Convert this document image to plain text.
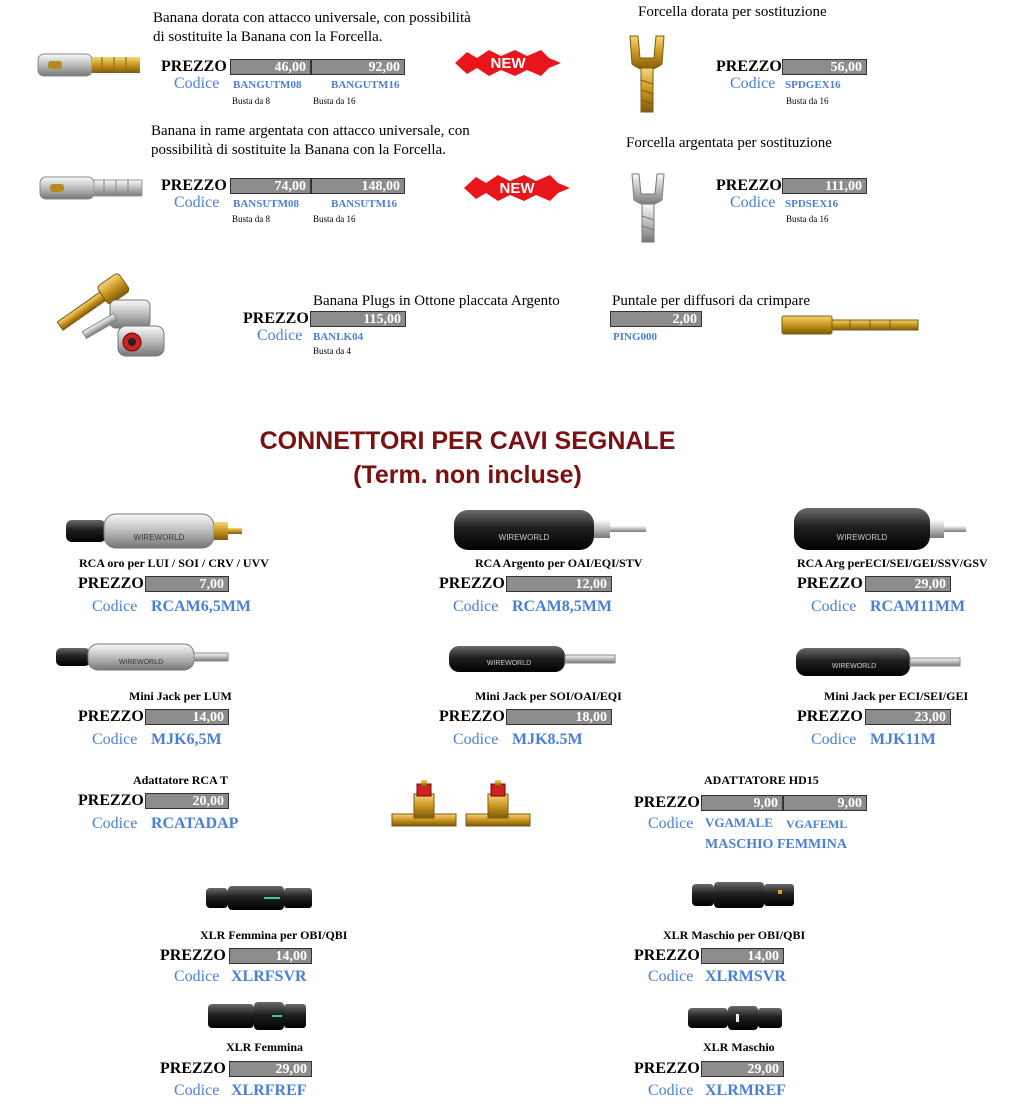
Banana dorata con attacco universale, con possibilità
di sostituite la Banana con la Forcella.
PREZZO	46,00	92,00
Codice BANGUTM08	BANGUTM16
Busta da 8	Busta da 16
NEW
Forcella dorata per sostituzione
PREZZO	56,00
Codice SPDGEX16
Busta da 16
Banana in rame argentata con attacco universale, con
possibilità di sostituite la Banana con la Forcella.
PREZZO	74,00	148,00
Codice BANSUTM08	BANSUTM16
Busta da 8	Busta da 16
NEW
Forcella argentata per sostituzione
PREZZO	111,00
Codice SPDSEX16
Busta da 16
Banana Plugs in Ottone placcata Argento
PREZZO	115,00
Codice BANLK04
Busta da 4
Puntale per diffusori da crimpare
2,00
PING000
CONNETTORI PER CAVI SEGNALE
(Term. non incluse)
WIREWORLD
RCA oro per LUI / SOI / CRV / UVV
PREZZO	7,00
Codice RCAM6,5MM
WIREWORLD
RCA Argento per OAI/EQI/STV
PREZZO	12,00
Codice RCAM8,5MM
WIREWORLD
RCA Arg perECI/SEI/GEI/SSV/GSV
PREZZO	29,00
Codice RCAM11MM
WIREWORLD
Mini Jack per LUM
PREZZO	14,00
Codice MJK6,5M
WIREWORLD
Mini Jack per SOI/OAI/EQI
PREZZO	18,00
Codice MJK8.5M
WIREWORLD
Mini Jack per ECI/SEI/GEI
PREZZO	23,00
Codice MJK11M
Adattatore RCA T
PREZZO	20,00
Codice RCATADAP
ADATTATORE HD15
PREZZO	9,00	9,00
Codice VGAMALE VGAFEML
MASCHIO FEMMINA
XLR Femmina per OBI/QBI
PREZZO	14,00
Codice XLRFSVR
XLR Maschio per OBI/QBI
PREZZO	14,00
Codice XLRMSVR
XLR Femmina
PREZZO	29,00
Codice XLRFREF
XLR Maschio
PREZZO	29,00
Codice XLRMREF
